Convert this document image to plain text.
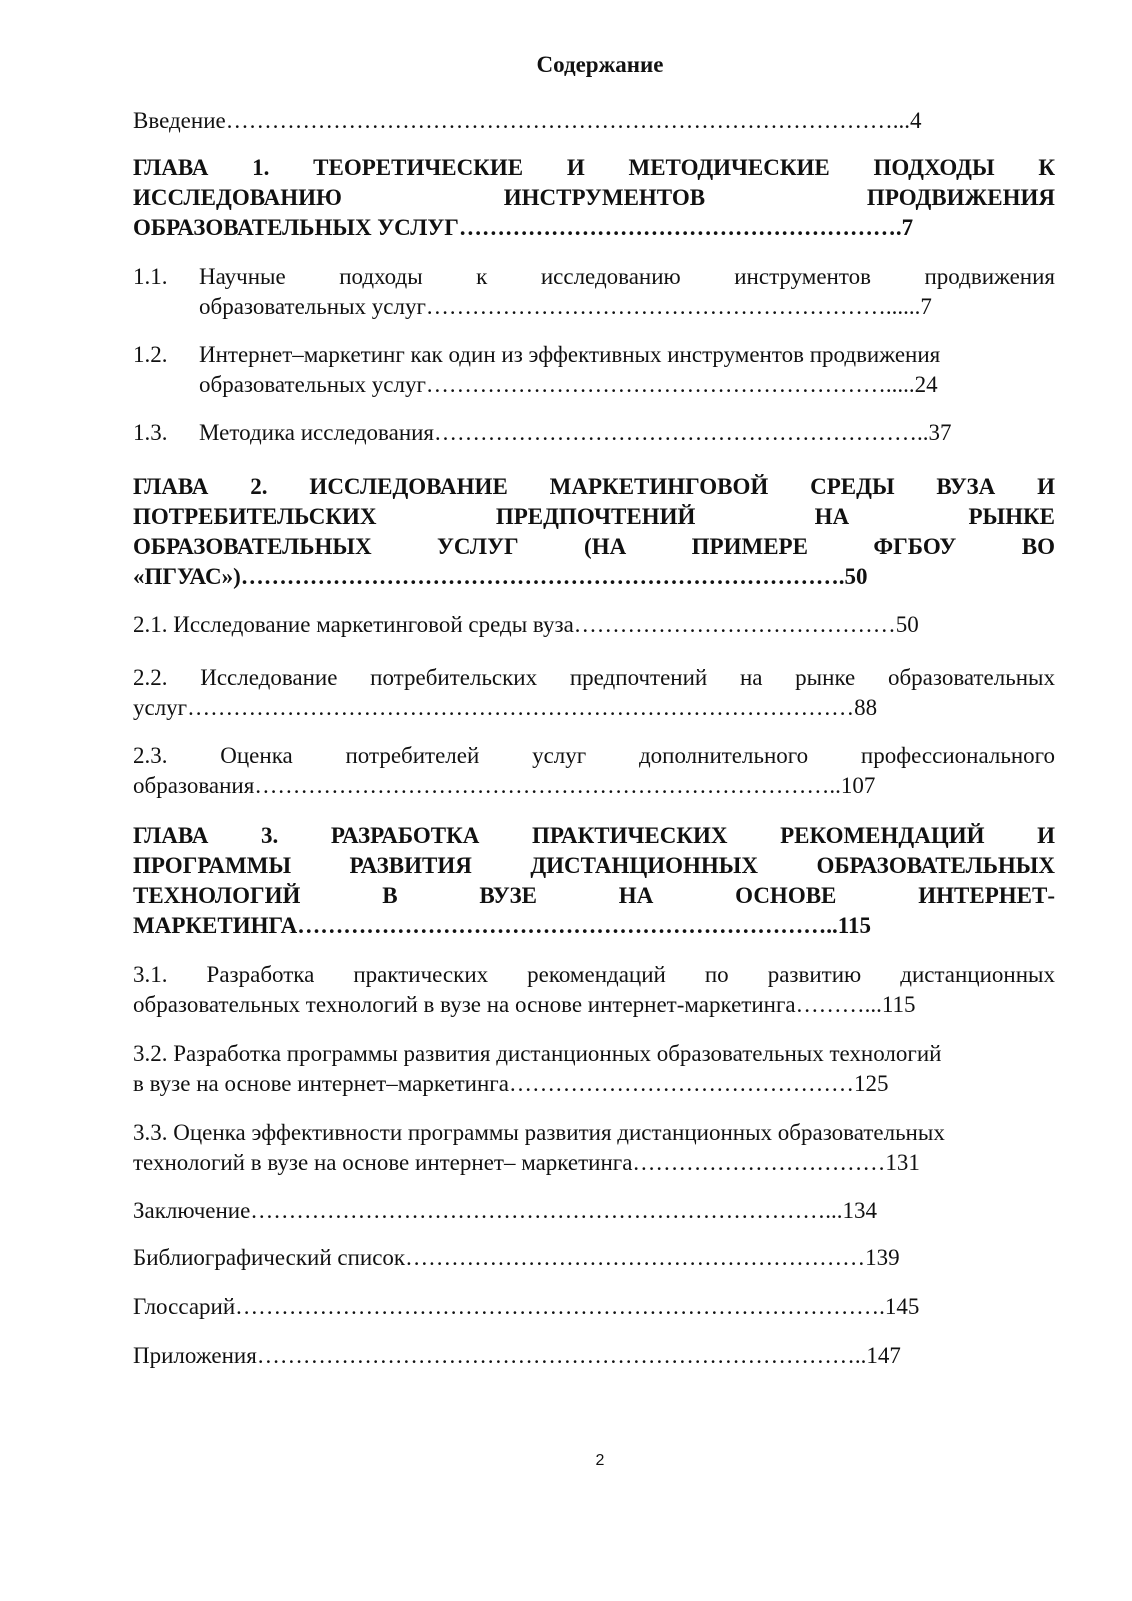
Содержание
Введение……………………………………………………………………………...4
ГЛАВА 1. ТЕОРЕТИЧЕСКИЕ И МЕТОДИЧЕСКИЕ ПОДХОДЫ К
ИССЛЕДОВАНИЮ ИНСТРУМЕНТОВ ПРОДВИЖЕНИЯ
ОБРАЗОВАТЕЛЬНЫХ УСЛУГ………………………………………………….7
1.1. Научные подходы к исследованию инструментов продвижения
образовательных услуг……………………………………………………......7
1.2. Интернет–маркетинг как один из эффективных инструментов продвижения
образовательных услуг…………………………………………………….....24
1.3. Методика исследования………………………………………………………..37
ГЛАВА 2. ИССЛЕДОВАНИЕ МАРКЕТИНГОВОЙ СРЕДЫ ВУЗА И
ПОТРЕБИТЕЛЬСКИХ ПРЕДПОЧТЕНИЙ НА РЫНКЕ
ОБРАЗОВАТЕЛЬНЫХ УСЛУГ (НА ПРИМЕРЕ ФГБОУ ВО
«ПГУАС»)…………………………………………………………………….50
2.1. Исследование маркетинговой среды вуза……………………………………50
2.2. Исследование потребительских предпочтений на рынке образовательных
услуг……………………………………………………………………………88
2.3. Оценка потребителей услуг дополнительного профессионального
образования…………………………………………………………………..107
ГЛАВА 3. РАЗРАБОТКА ПРАКТИЧЕСКИХ РЕКОМЕНДАЦИЙ И
ПРОГРАММЫ РАЗВИТИЯ ДИСТАНЦИОННЫХ ОБРАЗОВАТЕЛЬНЫХ
ТЕХНОЛОГИЙ В ВУЗЕ НА ОСНОВЕ ИНТЕРНЕТ-
МАРКЕТИНГА……………………………………………………………..115
3.1. Разработка практических рекомендаций по развитию дистанционных
образовательных технологий в вузе на основе интернет-маркетинга………...115
3.2. Разработка программы развития дистанционных образовательных технологий
в вузе на основе интернет–маркетинга………………………………………125
3.3. Оценка эффективности программы развития дистанционных образовательных
технологий в вузе на основе интернет– маркетинга……………………………131
Заключение…………………………………………………………………...134
Библиографический список……………………………………………………139
Глоссарий………………………………………………………………………….145
Приложения……………………………………………………………………..147
2
